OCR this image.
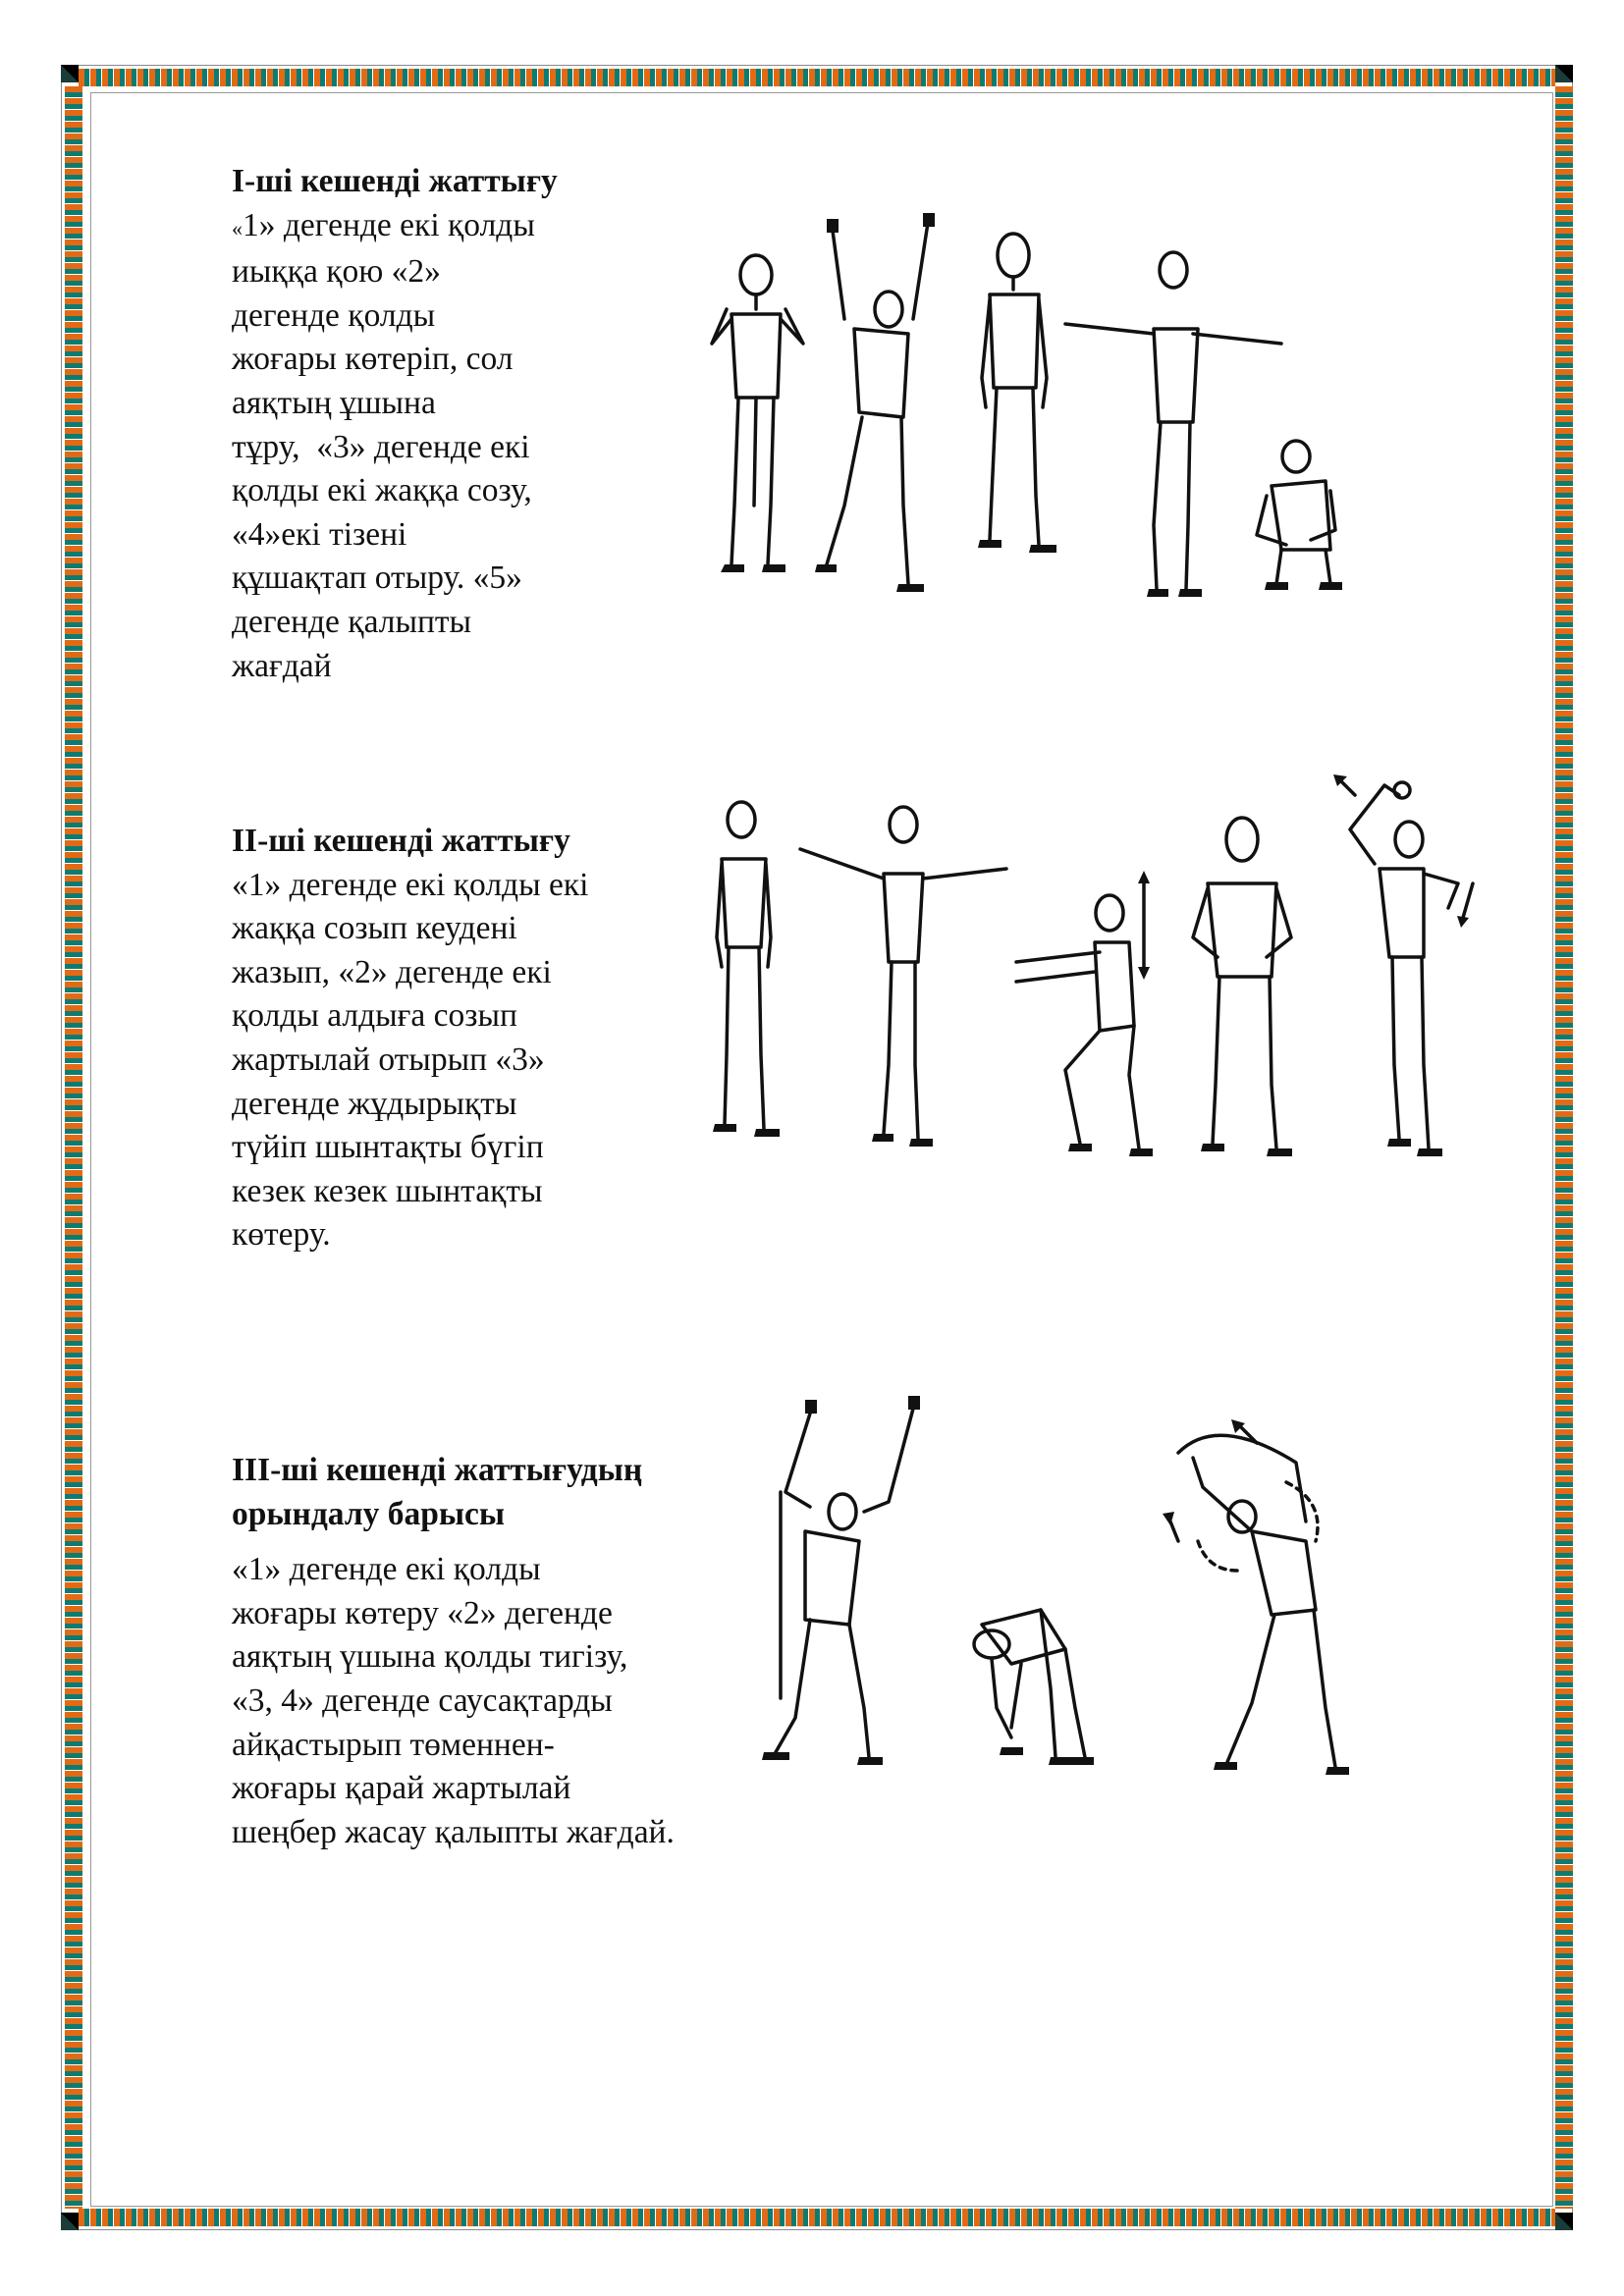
І-ші кешенді жаттығу

«1» дегенде екі қолды

иыққа қою «2»

дегенде қолды

жоғары көтеріп, сол

аяқтың ұшына

тұру,  «3» дегенде екі

қолды екі жаққа созу,

«4»екі тізені

құшақтап отыру. «5»

дегенде қалыпты

жағдай

ІІ-ші кешенді жаттығу

«1» дегенде екі қолды екі

жаққа созып кеудені

жазып, «2» дегенде екі

қолды алдыға созып

жартылай отырып «3»

дегенде жұдырықты

түйіп шынтақты бүгіп

кезек кезек шынтақты

көтеру.

ІІІ-ші кешенді жаттығудың
орындалу барысы

«1» дегенде екі қолды

жоғары көтеру «2» дегенде

аяқтың үшына қолды тигізу,

«3, 4» дегенде саусақтарды

айқастырып төменнен-

жоғары қарай жартылай

шеңбер жасау қалыпты жағдай.
